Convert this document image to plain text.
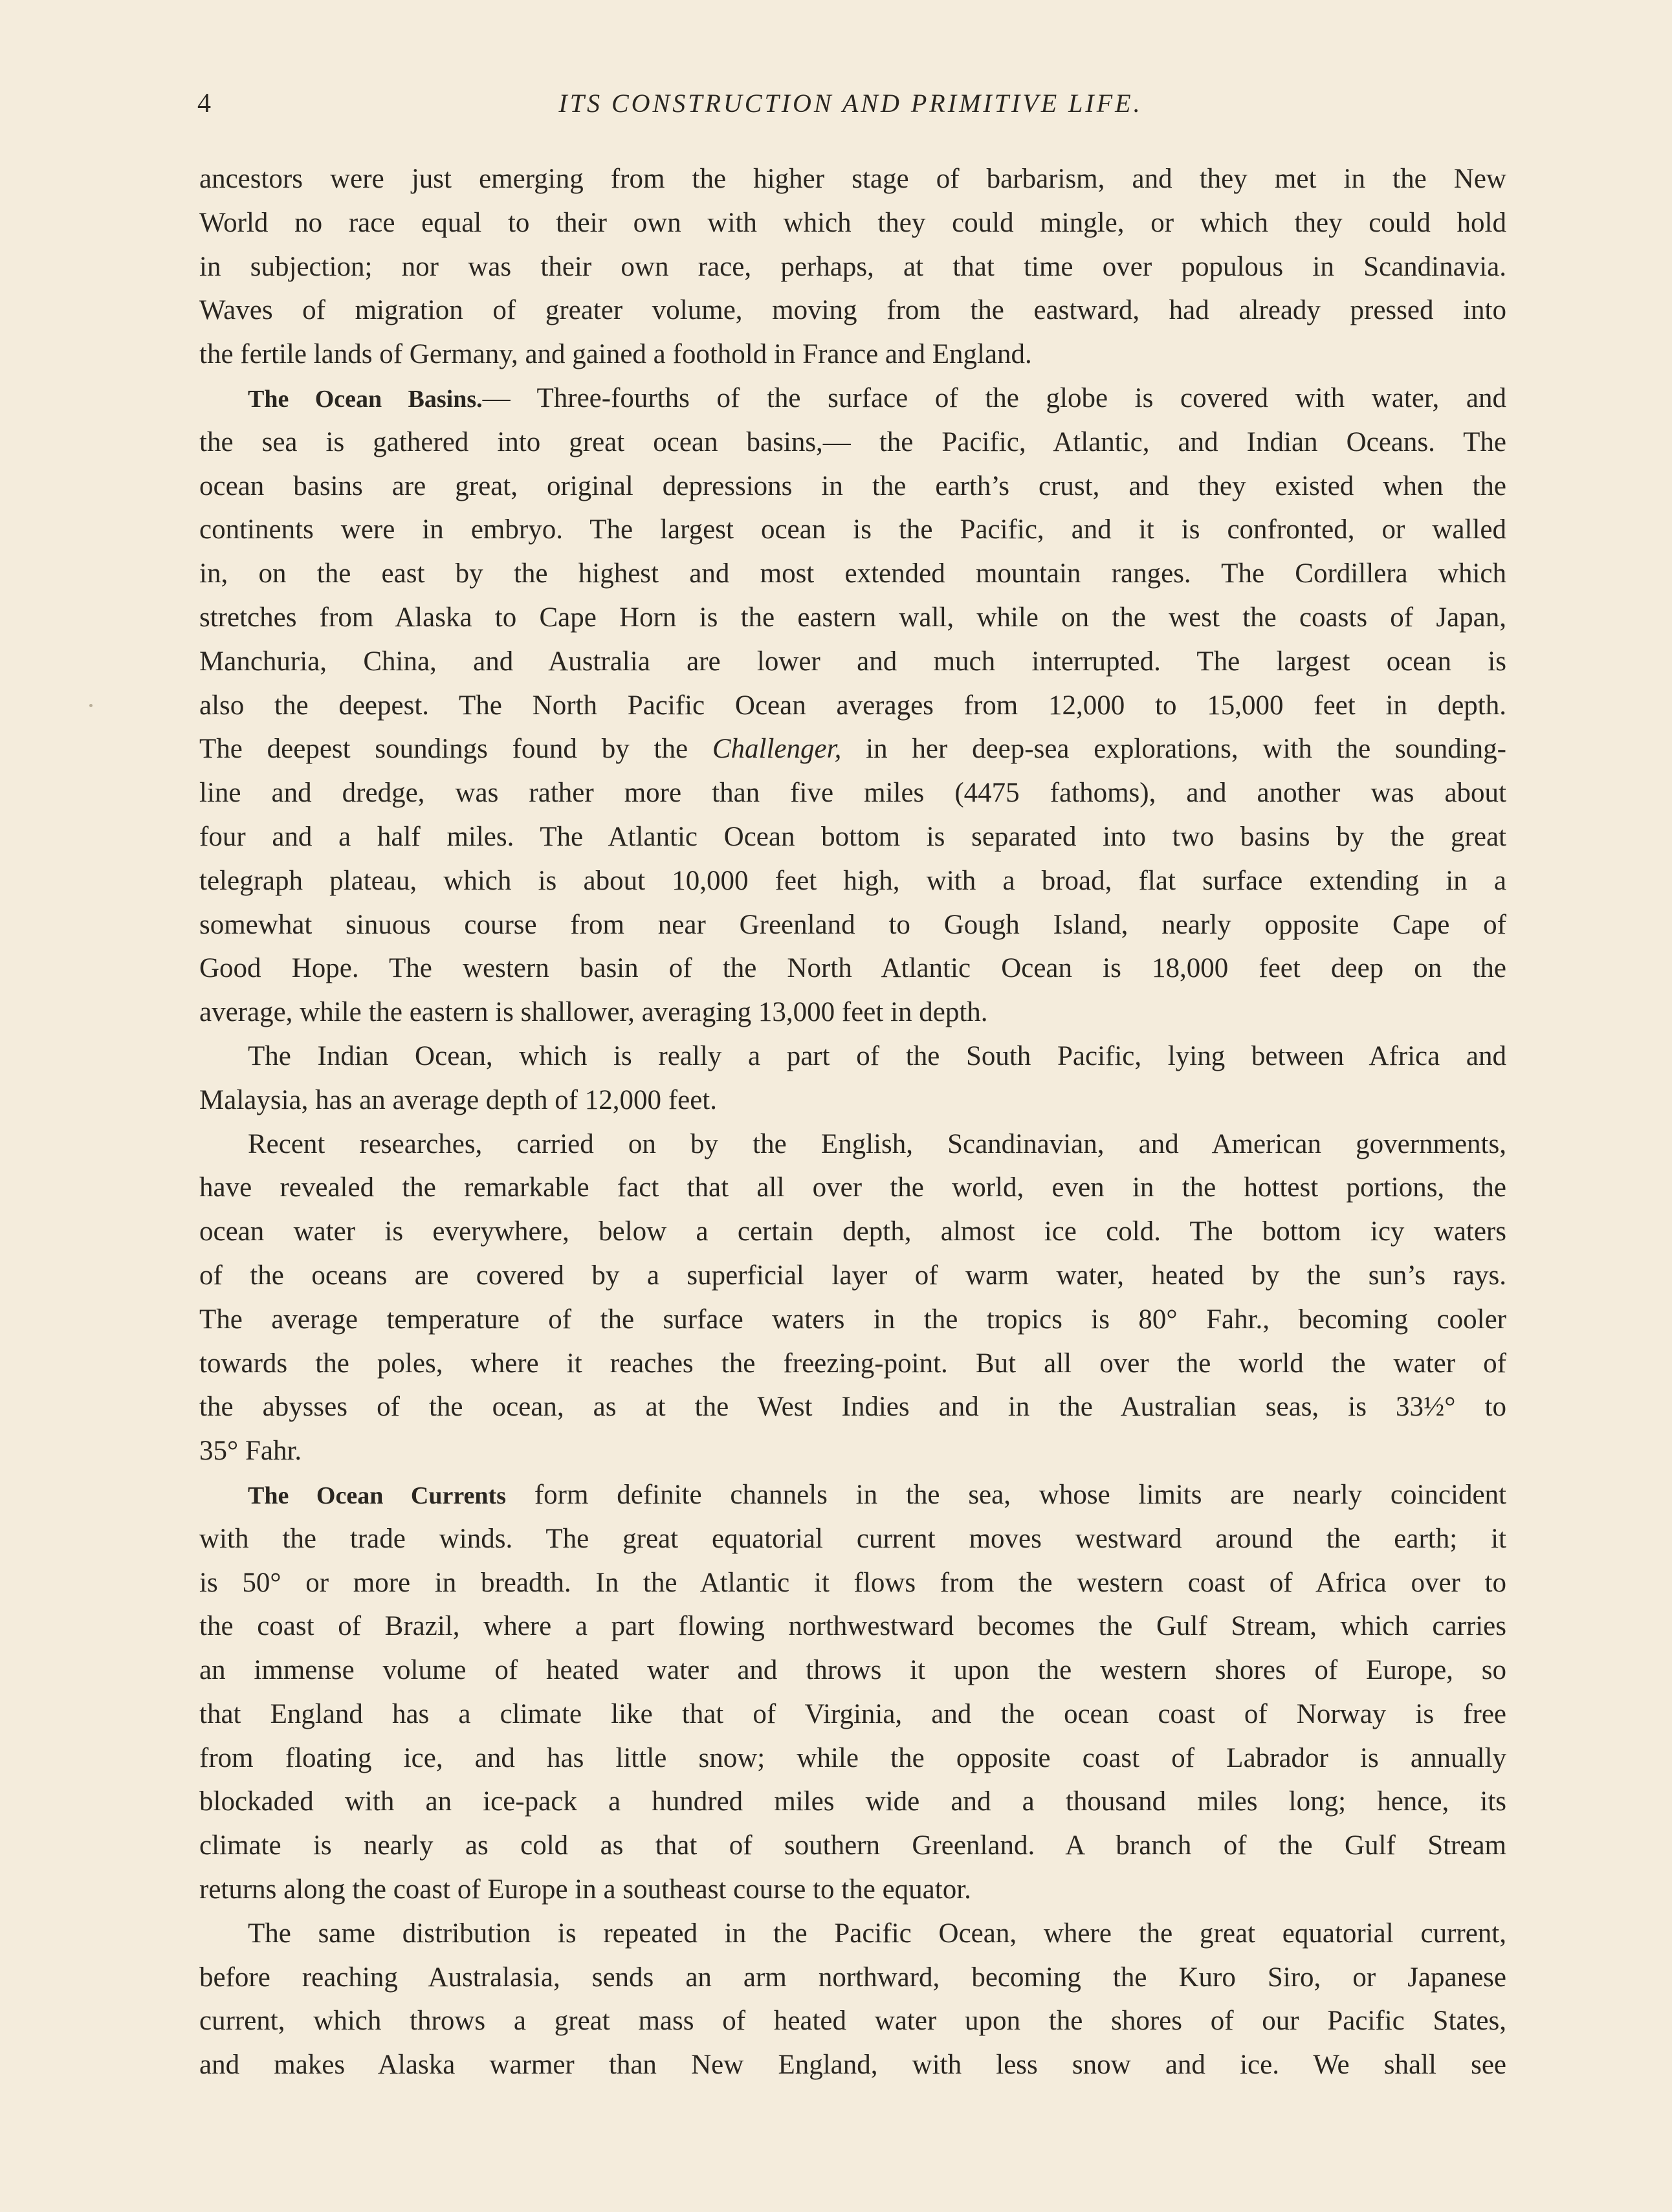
4	ITS CONSTRUCTION AND PRIMITIVE LIFE.
ancestors were just emerging from the higher stage of barbarism, and they met in the New
World no race equal to their own with which they could mingle, or which they could hold
in subjection; nor was their own race, perhaps, at that time over populous in Scandinavia.
Waves of migration of greater volume, moving from the eastward, had already pressed into
the fertile lands of Germany, and gained a foothold in France and England.
The Ocean Basins.— Three-fourths of the surface of the globe is covered with water, and
the sea is gathered into great ocean basins,— the Pacific, Atlantic, and Indian Oceans. The
ocean basins are great, original depressions in the earth’s crust, and they existed when the
continents were in embryo. The largest ocean is the Pacific, and it is confronted, or walled
in, on the east by the highest and most extended mountain ranges. The Cordillera which
stretches from Alaska to Cape Horn is the eastern wall, while on the west the coasts of Japan,
Manchuria, China, and Australia are lower and much interrupted. The largest ocean is
also the deepest. The North Pacific Ocean averages from 12,000 to 15,000 feet in depth.
The deepest soundings found by the Challenger, in her deep-sea explorations, with the sounding-
line and dredge, was rather more than five miles (4475 fathoms), and another was about
four and a half miles. The Atlantic Ocean bottom is separated into two basins by the great
telegraph plateau, which is about 10,000 feet high, with a broad, flat surface extending in a
somewhat sinuous course from near Greenland to Gough Island, nearly opposite Cape of
Good Hope. The western basin of the North Atlantic Ocean is 18,000 feet deep on the
average, while the eastern is shallower, averaging 13,000 feet in depth.
The Indian Ocean, which is really a part of the South Pacific, lying between Africa and
Malaysia, has an average depth of 12,000 feet.
Recent researches, carried on by the English, Scandinavian, and American governments,
have revealed the remarkable fact that all over the world, even in the hottest portions, the
ocean water is everywhere, below a certain depth, almost ice cold. The bottom icy waters
of the oceans are covered by a superficial layer of warm water, heated by the sun’s rays.
The average temperature of the surface waters in the tropics is 80° Fahr., becoming cooler
towards the poles, where it reaches the freezing-point. But all over the world the water of
the abysses of the ocean, as at the West Indies and in the Australian seas, is 33½° to
35° Fahr.
The Ocean Currents form definite channels in the sea, whose limits are nearly coincident
with the trade winds. The great equatorial current moves westward around the earth; it
is 50° or more in breadth. In the Atlantic it flows from the western coast of Africa over to
the coast of Brazil, where a part flowing northwestward becomes the Gulf Stream, which carries
an immense volume of heated water and throws it upon the western shores of Europe, so
that England has a climate like that of Virginia, and the ocean coast of Norway is free
from floating ice, and has little snow; while the opposite coast of Labrador is annually
blockaded with an ice-pack a hundred miles wide and a thousand miles long; hence, its
climate is nearly as cold as that of southern Greenland. A branch of the Gulf Stream
returns along the coast of Europe in a southeast course to the equator.
The same distribution is repeated in the Pacific Ocean, where the great equatorial current,
before reaching Australasia, sends an arm northward, becoming the Kuro Siro, or Japanese
current, which throws a great mass of heated water upon the shores of our Pacific States,
and makes Alaska warmer than New England, with less snow and ice. We shall see
